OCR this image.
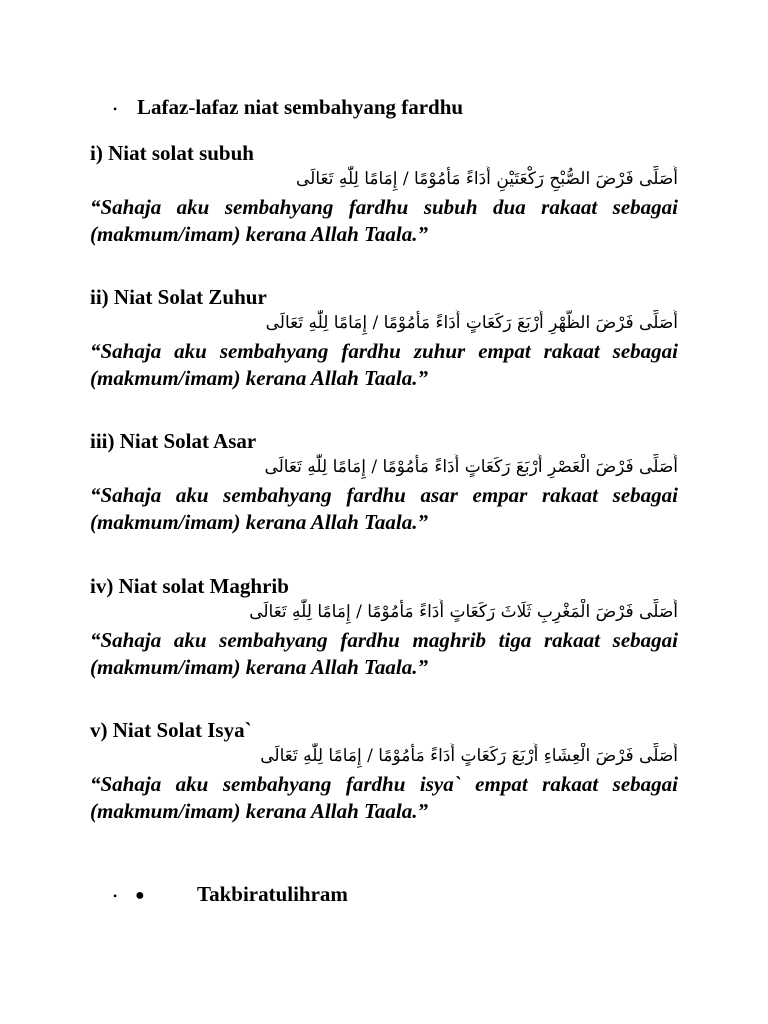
• Lafaz-lafaz niat sembahyang fardhu
i) Niat solat subuh
أُصَلِّى فَرْضَ الصُّبْحِ رَكْعَتَيْنِ أَدَاءً مَأْمُوْمًا / إِمَامًا لِلّٰهِ تَعَالَى
“Sahaja aku sembahyang fardhu subuh dua rakaat sebagai (makmum/imam) kerana Allah Taala.”
ii) Niat Solat Zuhur
أُصَلِّى فَرْضَ الظُّهْرِ أَرْبَعَ رَكَعَاتٍ أَدَاءً مَأْمُوْمًا / إِمَامًا لِلّٰهِ تَعَالَى
“Sahaja aku sembahyang fardhu zuhur empat rakaat sebagai (makmum/imam) kerana Allah Taala.”
iii) Niat Solat Asar
أُصَلِّى فَرْضَ الْعَصْرِ أَرْبَعَ رَكَعَاتٍ أَدَاءً مَأْمُوْمًا / إِمَامًا لِلّٰهِ تَعَالَى
“Sahaja aku sembahyang fardhu asar empar rakaat sebagai (makmum/imam) kerana Allah Taala.”
iv) Niat solat Maghrib
أُصَلِّى فَرْضَ الْمَغْرِبِ ثَلَاثَ رَكَعَاتٍ أَدَاءً مَأْمُوْمًا / إِمَامًا لِلّٰهِ تَعَالَى
“Sahaja aku sembahyang fardhu maghrib tiga rakaat sebagai (makmum/imam) kerana Allah Taala.”
v) Niat Solat Isya`
أُصَلِّى فَرْضَ الْعِشَاءِ أَرْبَعَ رَكَعَاتٍ أَدَاءً مَأْمُوْمًا / إِمَامًا لِلّٰهِ تَعَالَى
“Sahaja aku sembahyang fardhu isya` empat rakaat sebagai (makmum/imam) kerana Allah Taala.”
• ● Takbiratulihram
